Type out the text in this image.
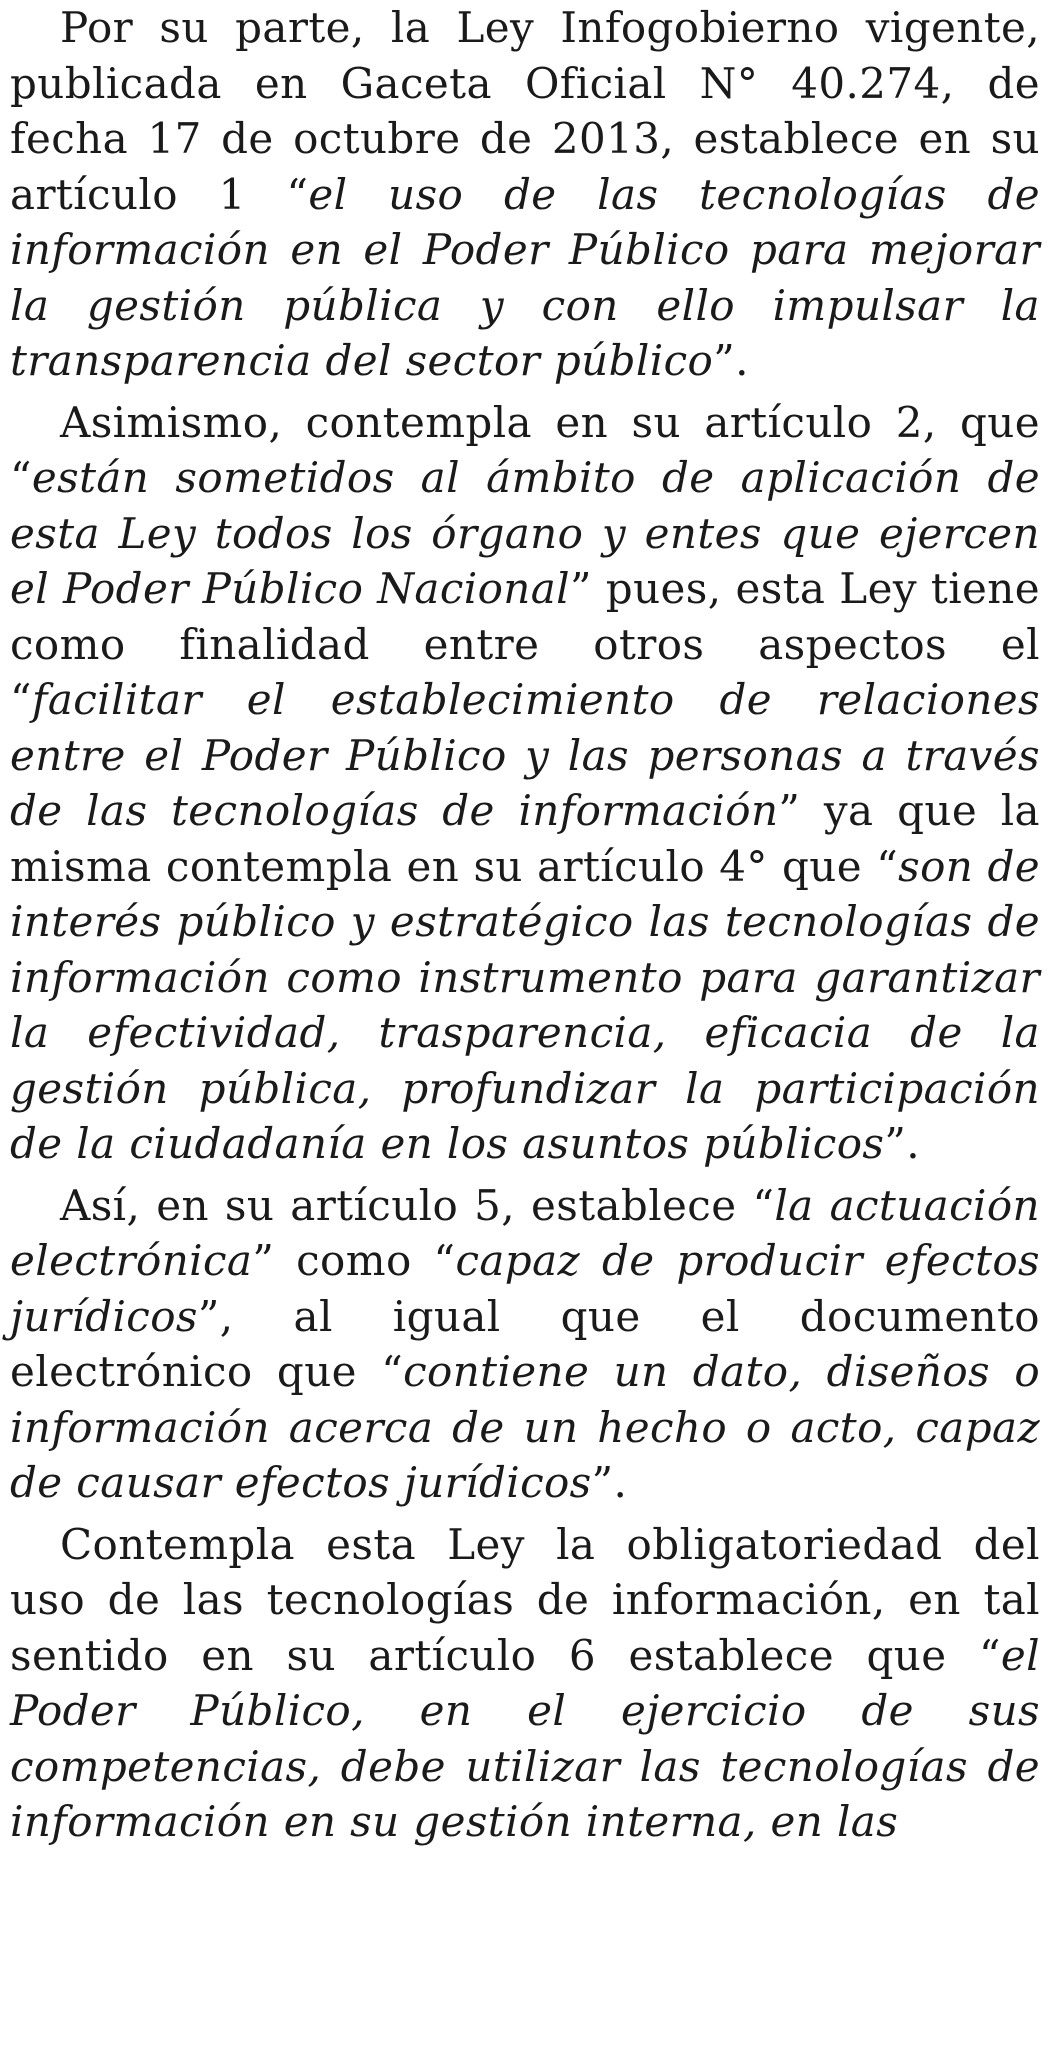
Por su parte, la Ley Infogobierno vigente, publicada en Gaceta Oficial N° 40.274, de fecha 17 de octubre de 2013, establece en su artículo 1 “el uso de las tecnologías de información en el Poder Público para mejorar la gestión pública y con ello impulsar la transparencia del sector público”.

Asimismo, contempla en su artículo 2, que “están sometidos al ámbito de aplicación de esta Ley todos los órgano y entes que ejercen el Poder Público Nacional” pues, esta Ley tiene como finalidad entre otros aspectos el “facilitar el establecimiento de relaciones entre el Poder Público y las personas a través de las tecnologías de información” ya que la misma contempla en su artículo 4° que “son de interés público y estratégico las tecnologías de información como instrumento para garantizar la efectividad, trasparencia, eficacia de la gestión pública, profundizar la participación de la ciudadanía en los asuntos públicos”.

Así, en su artículo 5, establece “la actuación electrónica” como “capaz de producir efectos jurídicos”, al igual que el documento electrónico que “contiene un dato, diseños o información acerca de un hecho o acto, capaz de causar efectos jurídicos”.

Contempla esta Ley la obligatoriedad del uso de las tecnologías de información, en tal sentido en su artículo 6 establece que “el Poder Público, en el ejercicio de sus competencias, debe utilizar las tecnologías de información en su gestión interna, en las
